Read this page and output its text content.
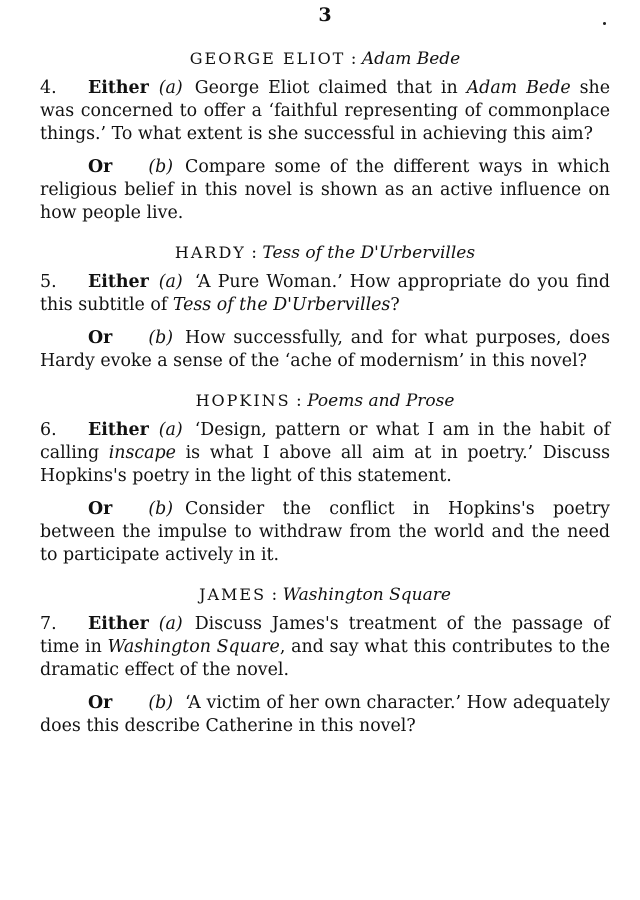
3
GEORGE ELIOT : Adam Bede

4. Either (a) George Eliot claimed that in Adam Bede she was concerned to offer a ‘faithful representing of commonplace things.’ To what extent is she successful in achieving this aim?

Or (b) Compare some of the different ways in which religious belief in this novel is shown as an active influence on how people live.

HARDY : Tess of the D'Urbervilles

5. Either (a) ‘A Pure Woman.’ How appropriate do you find this subtitle of Tess of the D'Urbervilles?

Or (b) How successfully, and for what purposes, does Hardy evoke a sense of the ‘ache of modernism’ in this novel?

HOPKINS : Poems and Prose

6. Either (a) ‘Design, pattern or what I am in the habit of calling inscape is what I above all aim at in poetry.’ Discuss Hopkins's poetry in the light of this statement.

Or (b) Consider the conflict in Hopkins's poetry between the impulse to withdraw from the world and the need to participate actively in it.

JAMES : Washington Square

7. Either (a) Discuss James's treatment of the passage of time in Washington Square, and say what this contributes to the dramatic effect of the novel.

Or (b) ‘A victim of her own character.’ How adequately does this describe Catherine in this novel?
